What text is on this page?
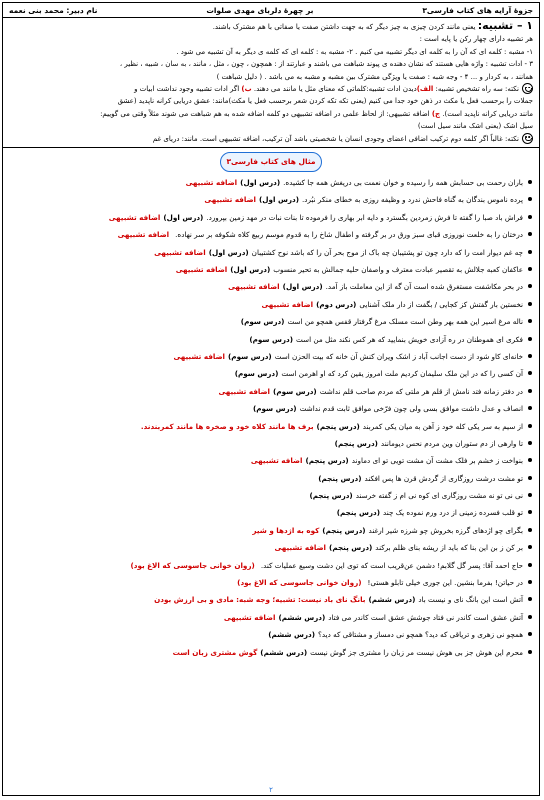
جزوهٔ آرایه های کتاب فارسی۳
بر چهرهٔ دلربای مهدی صلوات
نام دبیر: محمد بنی نعمه

۱ – تشبیه: یعنی مانند کردن چیزی به چیز دیگر که به جهت داشتن صفت یا صفاتی با هم مشترک باشند.

هر تشبیه دارای چهار رکن یا پایه است :

۱- مشبه : کلمه ای که آن را به کلمه ای دیگر تشبیه می کنیم . ۲- مشبه به : کلمه ای که کلمه ی دیگر به آن تشبیه می شود .

۳ - ادات تشبیه : واژه هایی هستند که نشان دهنده ی پیوند شباهت می باشند و عبارتند از : همچون ، چون ، مثل ، مانند ، به سان ، شبیه ، نظیر ،

همانند ، به کردار و ... ۴ - وجه شبه : صفت یا ویژگی مشترک بین مشبه و مشبه به می باشد . ( دلیل شباهت )

نکته: سه راه تشخیص تشبیه: الف)دیدن ادات تشبیه:کلماتی که معنای مثل یا مانند می دهند. ب) اگر ادات تشبیه وجود نداشت ابیات و

جملات را برحسب فعل یا مکث در ذهن خود جدا می کنیم (یعنی تکه تکه کردن شعر برحسب فعل یا مکث)مانند: عشق دریایی کرانه ناپدید (عشق

مانند دریایی کرانه ناپدید است). ج) اضافه تشبیهی: از لحاظ علمی در اضافه تشبیهی دو کلمه اضافه شده به هم شباهت می شوند مثلاً وقتی می گوییم:

سیل اشک (یعنی اشک مانند سیل است)

نکته: غالباً اگر کلمه دوم ترکیب اضافی اعضای وجودی انسان یا شخصیتی باشد آن ترکیب، اضافه تشبیهی است. مانند: دریای غم

مثال های کتاب فارسی۳
باران رحمت بی حسابش همه را رسیده و خوان نعمت بی دریغش همه جا کشیده.(درس اول)اضافه تشبیهی
پرده ناموس بندگان به گناه فاحش ندرد و وظیفه روزی به خطای منکر نبُرد.(درس اول)اضافه تشبیهی
فراش باد صبا را گفته تا فرش زمردین بگسترد و دایه ابر بهاری را فرموده تا بنات نبات در مهد زمین بپرورد.(درس اول)اضافه تشبیهی
درختان را به خلعت نوروزی قبای سبز ورق در بر گرفته و اطفال شاخ را به قدوم موسم ربیع کلاه شکوفه بر سر نهاده.اضافه تشبیهی
چه غم دیوار امت را که دارد چون تو پشتیبان چه باک از موج بحر آن را که باشد نوح کشتیبان(درس اول)اضافه تشبیهی
عاکفان کعبه جلالش به تقصیر عبادت معترف و واصفان حلیه جمالش به تحیر منسوب(درس اول)اضافه تشبیهی
در بحر مکاشفت مستغرق شده است آن گه از این معاملت باز آمد.(درس اول)اضافه تشبیهی
نخستین بار گفتش کز کجایی / بگفت از دار ملک آشنایی(درس دوم)اضافه تشبیهی
ناله مرغ اسیر این همه بهر وطن است مسلک مرغ گرفتار قفس همچو من است(درس سوم)
فکری ای هموطنان در ره آزادی خویش بنمایید که هر کس نکند مثل من است(درس سوم)
خانه‌ای کاو شود از دست اجانب آباد ز اشک ویران کنش آن خانه که بیت الحزن است(درس سوم)اضافه تشبیهی
آن کسی را که در این ملک سلیمان کردیم ملت امروز یقین کرد که او اهرمن است(درس سوم)
در دفتر زمانه فتد نامش از قلم هر ملتی که مردم صاحب قلم نداشت(درس سوم)اضافه تشبیهی
انصاف و عدل داشت موافق بسی ولی چون فرّخی موافق ثابت قدم نداشت(درس سوم)
از سیم به سر یکی کله خود ز آهن به میان یکی کمربند(درس پنجم)برف ها مانند کلاه خود و صخره ها مانند کمربندند.
تا وارهی از دم ستوران وین مردم نحس دیومانند(درس پنجم)
بنواخت ز خشم بر فلک مشت آن مشت تویی تو ای دماوند(درس پنجم)اضافه تشبیهی
تو مشت درشت روزگاری از گردش قرن ها پس افکند(درس پنجم)
نی نی تو نه مشت روزگاری ای کوه نی ام ز گفته خرسند(درس پنجم)
تو قلب فسرده زمینی از درد ورم نموده یک چند(درس پنجم)
بگرای چو اژدهای گرزه بخروش چو شرزه شیر ارغند(درس پنجم)کوه به اژدها و شیر
بر کن ز بن این بنا که باید از ریشه بنای ظلم برکند(درس پنجم)اضافه تشبیهی
حاج احمد آقا: پسر گل گلابم! دشمن عن‌قریب است که توی این دشت وسیع عملیات کند.(روان خوانی جاسوسی که الاغ بود)
در حیاتن! بفرما بنشین. این جوری خیلی تابلو هستی!(روان خوانی جاسوسی که الاغ بود)
آتش است این بانگ نای و نیست باد(درس ششم)بانگ نای باد نیست: تشبیه؛ وجه شبه: مادی و بی ارزش بودن
آتش عشق است کاندر نی فتاد جوشش عشق است کاندر می فتاد(درس ششم)اضافه تشبیهی
همچو نی زهری و تریاقی که دید؟ همچو نی دمساز و مشتاقی که دید؟(درس ششم)
محرم این هوش جز بی هوش نیست مر زبان را مشتری جز گوش نیست(درس ششم)گوش مشتری زبان است
۲
